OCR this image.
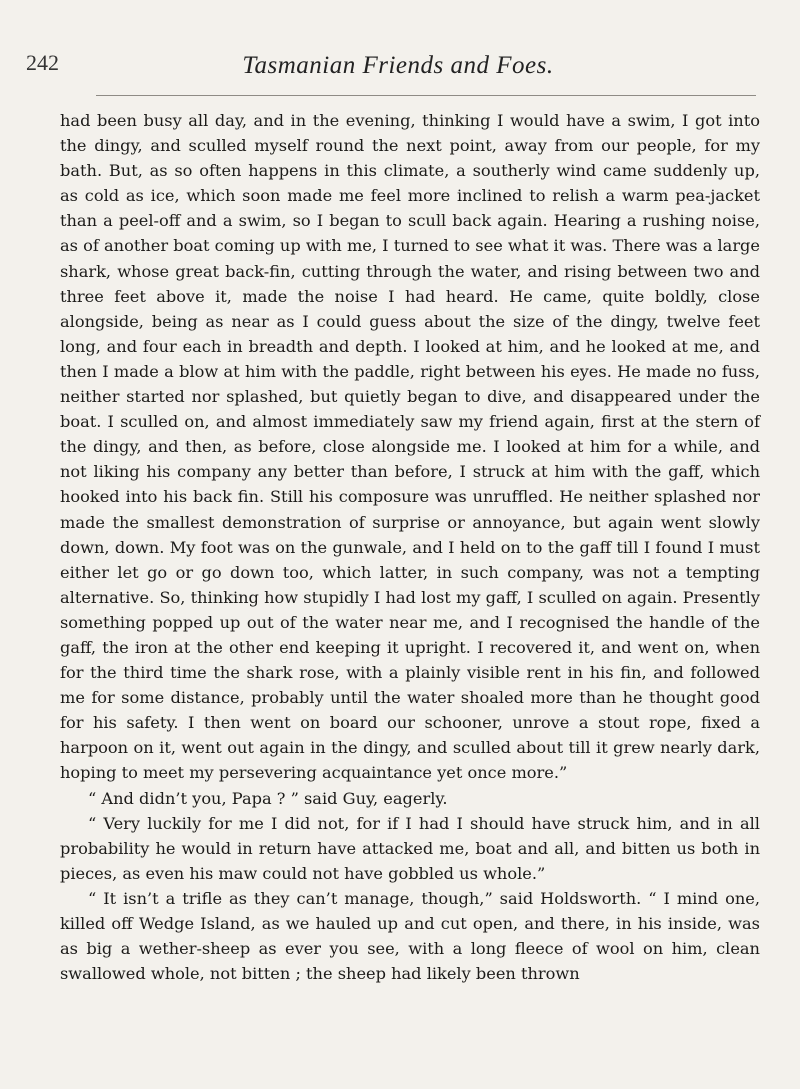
242	Tasmanian Friends and Foes.

had been busy all day, and in the evening, thinking I would have a swim, I got into the dingy, and sculled myself round the next point, away from our people, for my bath. But, as so often happens in this climate, a southerly wind came suddenly up, as cold as ice, which soon made me feel more inclined to relish a warm pea-jacket than a peel-off and a swim, so I began to scull back again. Hearing a rushing noise, as of another boat coming up with me, I turned to see what it was. There was a large shark, whose great back-fin, cutting through the water, and rising between two and three feet above it, made the noise I had heard. He came, quite boldly, close alongside, being as near as I could guess about the size of the dingy, twelve feet long, and four each in breadth and depth. I looked at him, and he looked at me, and then I made a blow at him with the paddle, right between his eyes. He made no fuss, neither started nor splashed, but quietly began to dive, and disappeared under the boat. I sculled on, and almost immediately saw my friend again, first at the stern of the dingy, and then, as before, close alongside me. I looked at him for a while, and not liking his company any better than before, I struck at him with the gaff, which hooked into his back fin. Still his composure was unruffled. He neither splashed nor made the smallest demonstration of surprise or annoyance, but again went slowly down, down. My foot was on the gunwale, and I held on to the gaff till I found I must either let go or go down too, which latter, in such company, was not a tempting alternative. So, thinking how stupidly I had lost my gaff, I sculled on again. Presently something popped up out of the water near me, and I recognised the handle of the gaff, the iron at the other end keeping it upright. I recovered it, and went on, when for the third time the shark rose, with a plainly visible rent in his fin, and followed me for some distance, probably until the water shoaled more than he thought good for his safety. I then went on board our schooner, unrove a stout rope, fixed a harpoon on it, went out again in the dingy, and sculled about till it grew nearly dark, hoping to meet my persevering acquaintance yet once more.”

“ And didn’t you, Papa ? ” said Guy, eagerly.

“ Very luckily for me I did not, for if I had I should have struck him, and in all probability he would in return have attacked me, boat and all, and bitten us both in pieces, as even his maw could not have gobbled us whole.”

“ It isn’t a trifle as they can’t manage, though,” said Holdsworth. “ I mind one, killed off Wedge Island, as we hauled up and cut open, and there, in his inside, was as big a wether-sheep as ever you see, with a long fleece of wool on him, clean swallowed whole, not bitten ; the sheep had likely been thrown
